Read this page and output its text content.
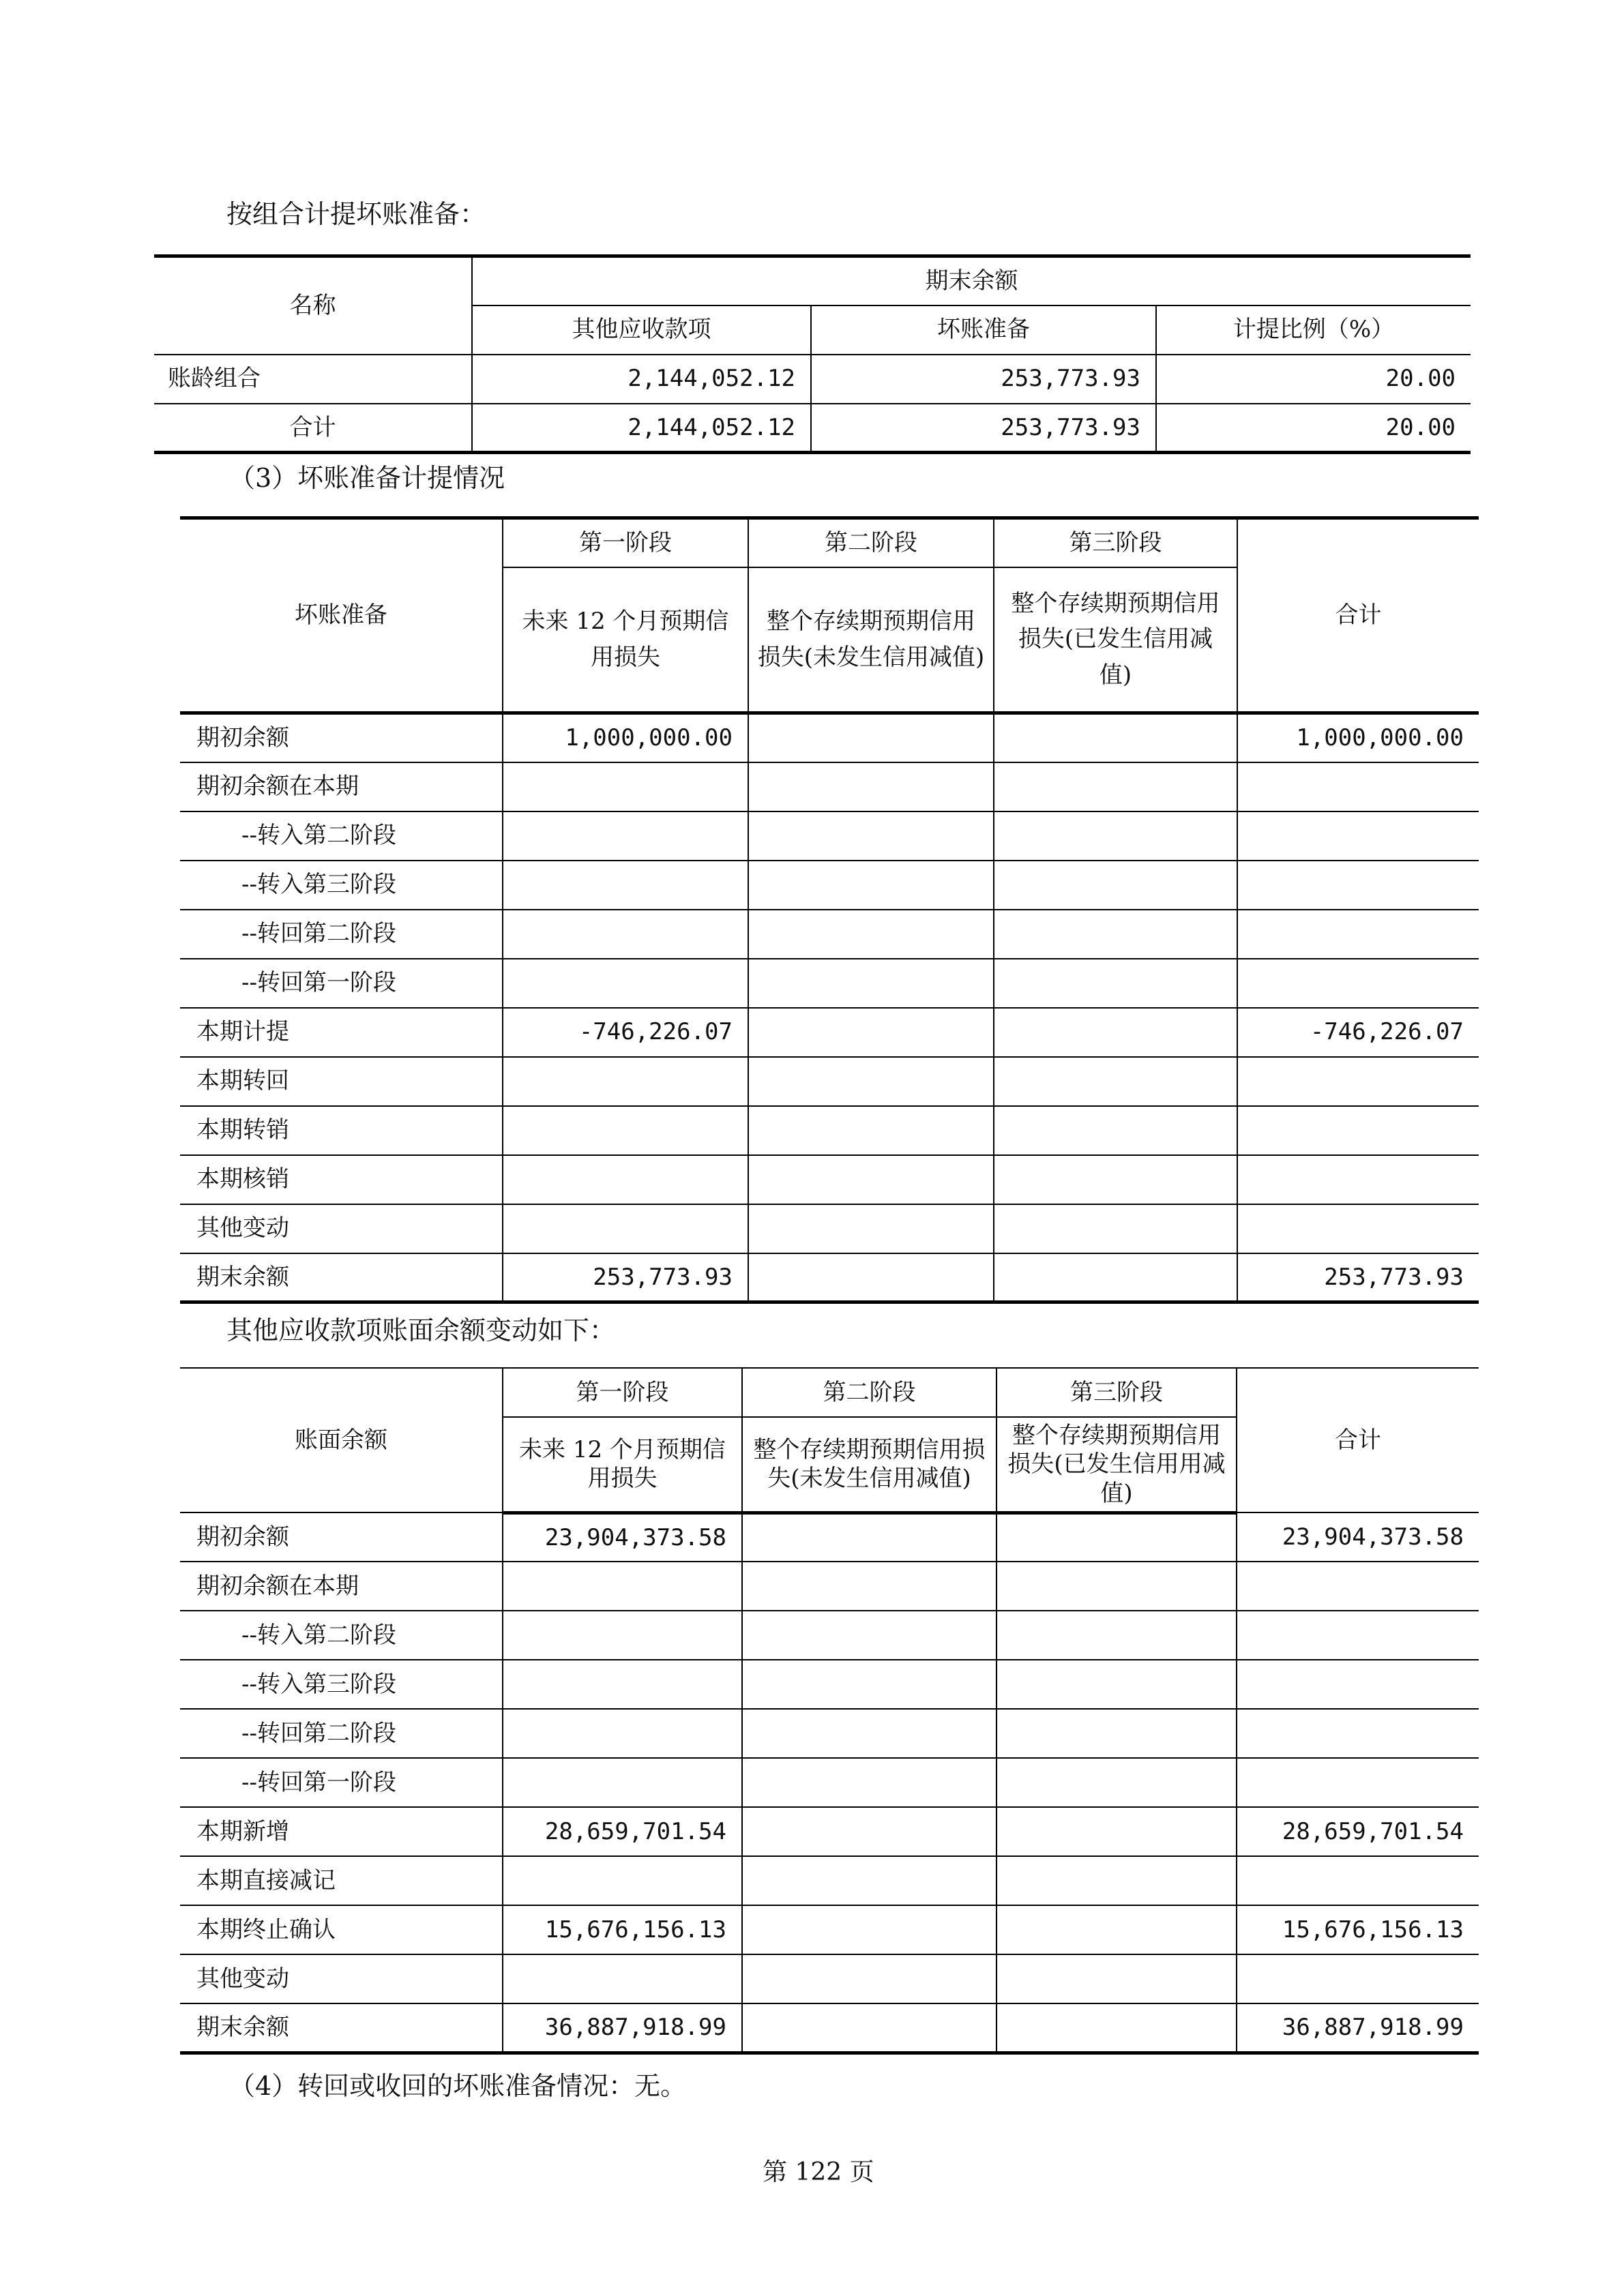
按组合计提坏账准备：
名称	期末余额		
	其他应收款项	坏账准备	计提比例（%）
账龄组合	2,144,052.12	253,773.93	20.00
合计	2,144,052.12	253,773.93	20.00
（3）坏账准备计提情况
坏账准备	第一阶段	第二阶段	第三阶段	合计
	未来 12 个月预期信用损失	整个存续期预期信用损失(未发生信用减值)	整个存续期预期信用损失(已发生信用减值)	
期初余额	1,000,000.00			1,000,000.00
期初余额在本期				
--转入第二阶段				
--转入第三阶段				
--转回第二阶段				
--转回第一阶段				
本期计提	-746,226.07			-746,226.07
本期转回				
本期转销				
本期核销				
其他变动				
期末余额	253,773.93			253,773.93
其他应收款项账面余额变动如下：
账面余额	第一阶段	第二阶段	第三阶段	合计
	未来 12 个月预期信用损失	整个存续期预期信用损失(未发生信用减值)	整个存续期预期信用损失(已发生信用用减值)	
期初余额	23,904,373.58			23,904,373.58
期初余额在本期				
--转入第二阶段				
--转入第三阶段				
--转回第二阶段				
--转回第一阶段				
本期新增	28,659,701.54			28,659,701.54
本期直接减记				
本期终止确认	15,676,156.13			15,676,156.13
其他变动				
期末余额	36,887,918.99			36,887,918.99
（4）转回或收回的坏账准备情况：无。
第 122 页
